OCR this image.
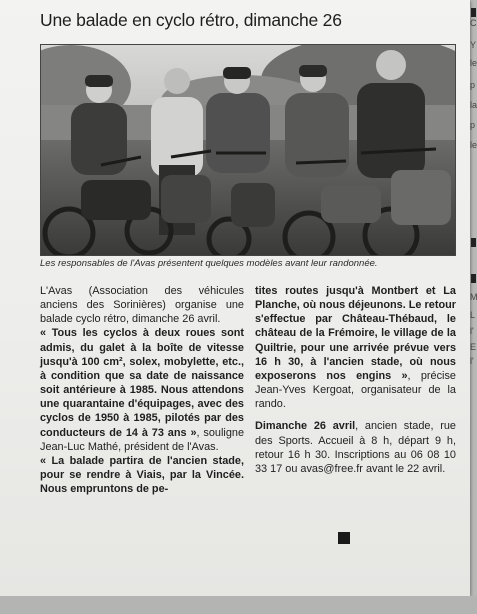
Une balade en cyclo rétro, dimanche 26
Les responsables de l'Avas présentent quelques modèles avant leur randonnée.

L'Avas (Association des véhicules anciens des Sorinières) organise une balade cyclo rétro, dimanche 26 avril.

« Tous les cyclos à deux roues sont admis, du galet à la boîte de vitesse jusqu'à 100 cm², solex, mobylette, etc., à condition que sa date de naissance soit antérieure à 1985. Nous attendons une quarantaine d'équipages, avec des cyclos de 1950 à 1985, pilotés par des conducteurs de 14 à 73 ans », souligne Jean-Luc Mathé, président de l'Avas.

« La balade partira de l'ancien stade, pour se rendre à Viais, par la Vincée. Nous empruntons de pe-

tites routes jusqu'à Montbert et La Planche, où nous déjeunons. Le retour s'effectue par Château-Thébaud, le château de la Frémoire, le village de la Quiltrie, pour une arrivée prévue vers 16 h 30, à l'ancien stade, où nous exposerons nos engins », précise Jean-Yves Kergoat, organisateur de la rando.

Dimanche 26 avril, ancien stade, rue des Sports. Accueil à 8 h, départ 9 h, retour 16 h 30. Inscriptions au 06 08 10 33 17 ou avas@free.fr avant le 22 avril.

C
Y
le
p
la
p
le
M
L
l'
E
l'
